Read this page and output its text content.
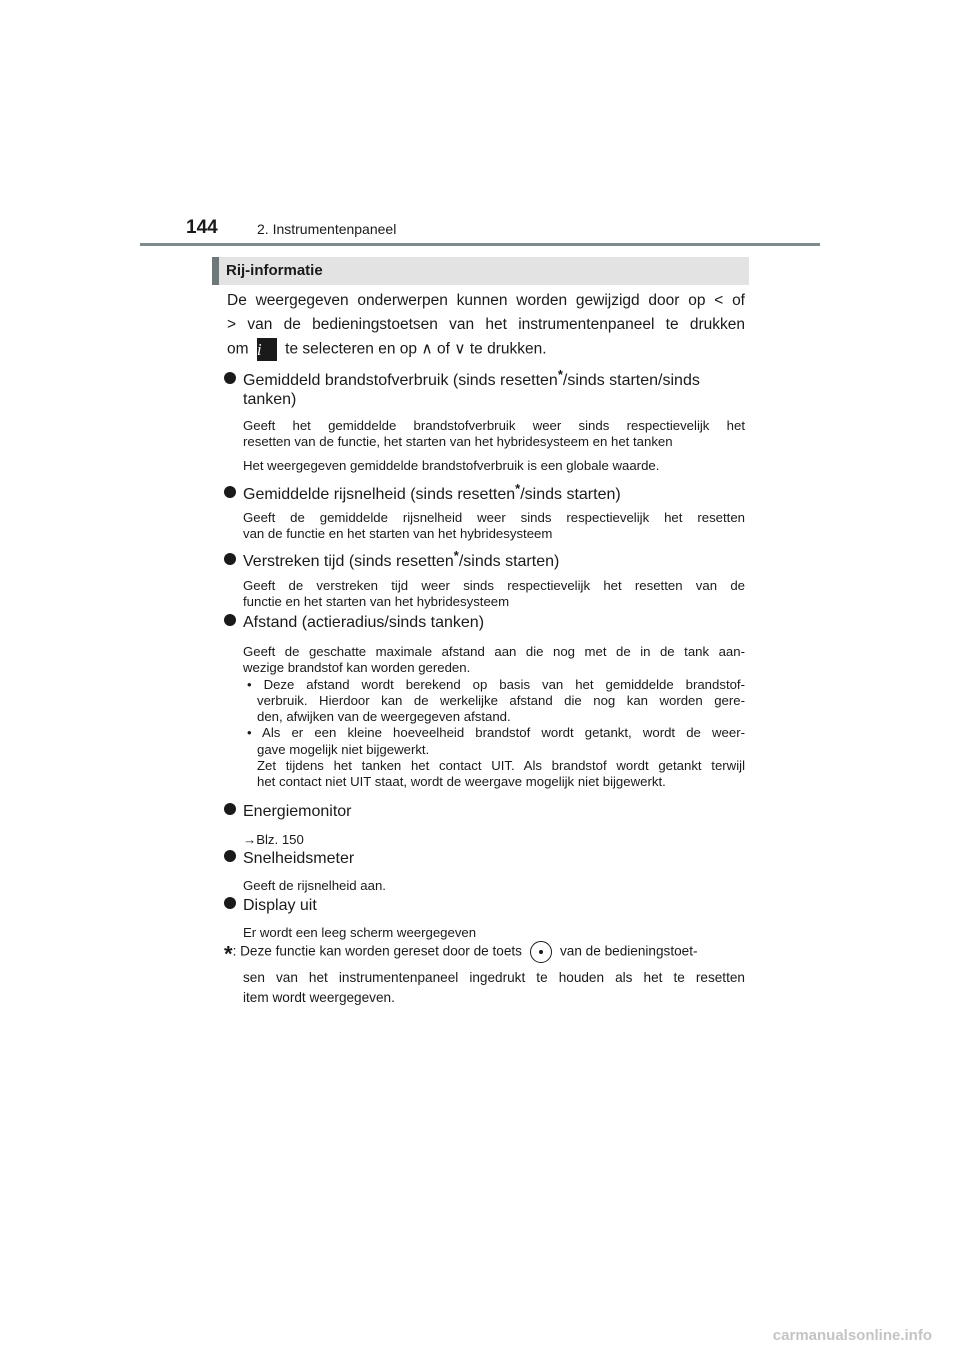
144	2. Instrumentenpaneel
Rij-informatie
De weergegeven onderwerpen kunnen worden gewijzigd door op < of
> van de bedieningstoetsen van het instrumentenpaneel te drukken
om i te selecteren en op ∧ of ∨ te drukken.
Gemiddeld brandstofverbruik (sinds resetten*/sinds starten/sinds
tanken)
Geeft het gemiddelde brandstofverbruik weer sinds respectievelijk het
resetten van de functie, het starten van het hybridesysteem en het tanken
Het weergegeven gemiddelde brandstofverbruik is een globale waarde.
Gemiddelde rijsnelheid (sinds resetten*/sinds starten)
Geeft de gemiddelde rijsnelheid weer sinds respectievelijk het resetten
van de functie en het starten van het hybridesysteem
Verstreken tijd (sinds resetten*/sinds starten)
Geeft de verstreken tijd weer sinds respectievelijk het resetten van de
functie en het starten van het hybridesysteem
Afstand (actieradius/sinds tanken)
Geeft de geschatte maximale afstand aan die nog met de in de tank aan-
wezige brandstof kan worden gereden.
• Deze afstand wordt berekend op basis van het gemiddelde brandstof-
verbruik. Hierdoor kan de werkelijke afstand die nog kan worden gere-
den, afwijken van de weergegeven afstand.
• Als er een kleine hoeveelheid brandstof wordt getankt, wordt de weer-
gave mogelijk niet bijgewerkt.
Zet tijdens het tanken het contact UIT. Als brandstof wordt getankt terwijl
het contact niet UIT staat, wordt de weergave mogelijk niet bijgewerkt.
Energiemonitor
→Blz. 150
Snelheidsmeter
Geeft de rijsnelheid aan.
Display uit
Er wordt een leeg scherm weergegeven
*: Deze functie kan worden gereset door de toets	van de bedieningstoet-
sen van het instrumentenpaneel ingedrukt te houden als het te resetten
item wordt weergegeven.
carmanualsonline.info
